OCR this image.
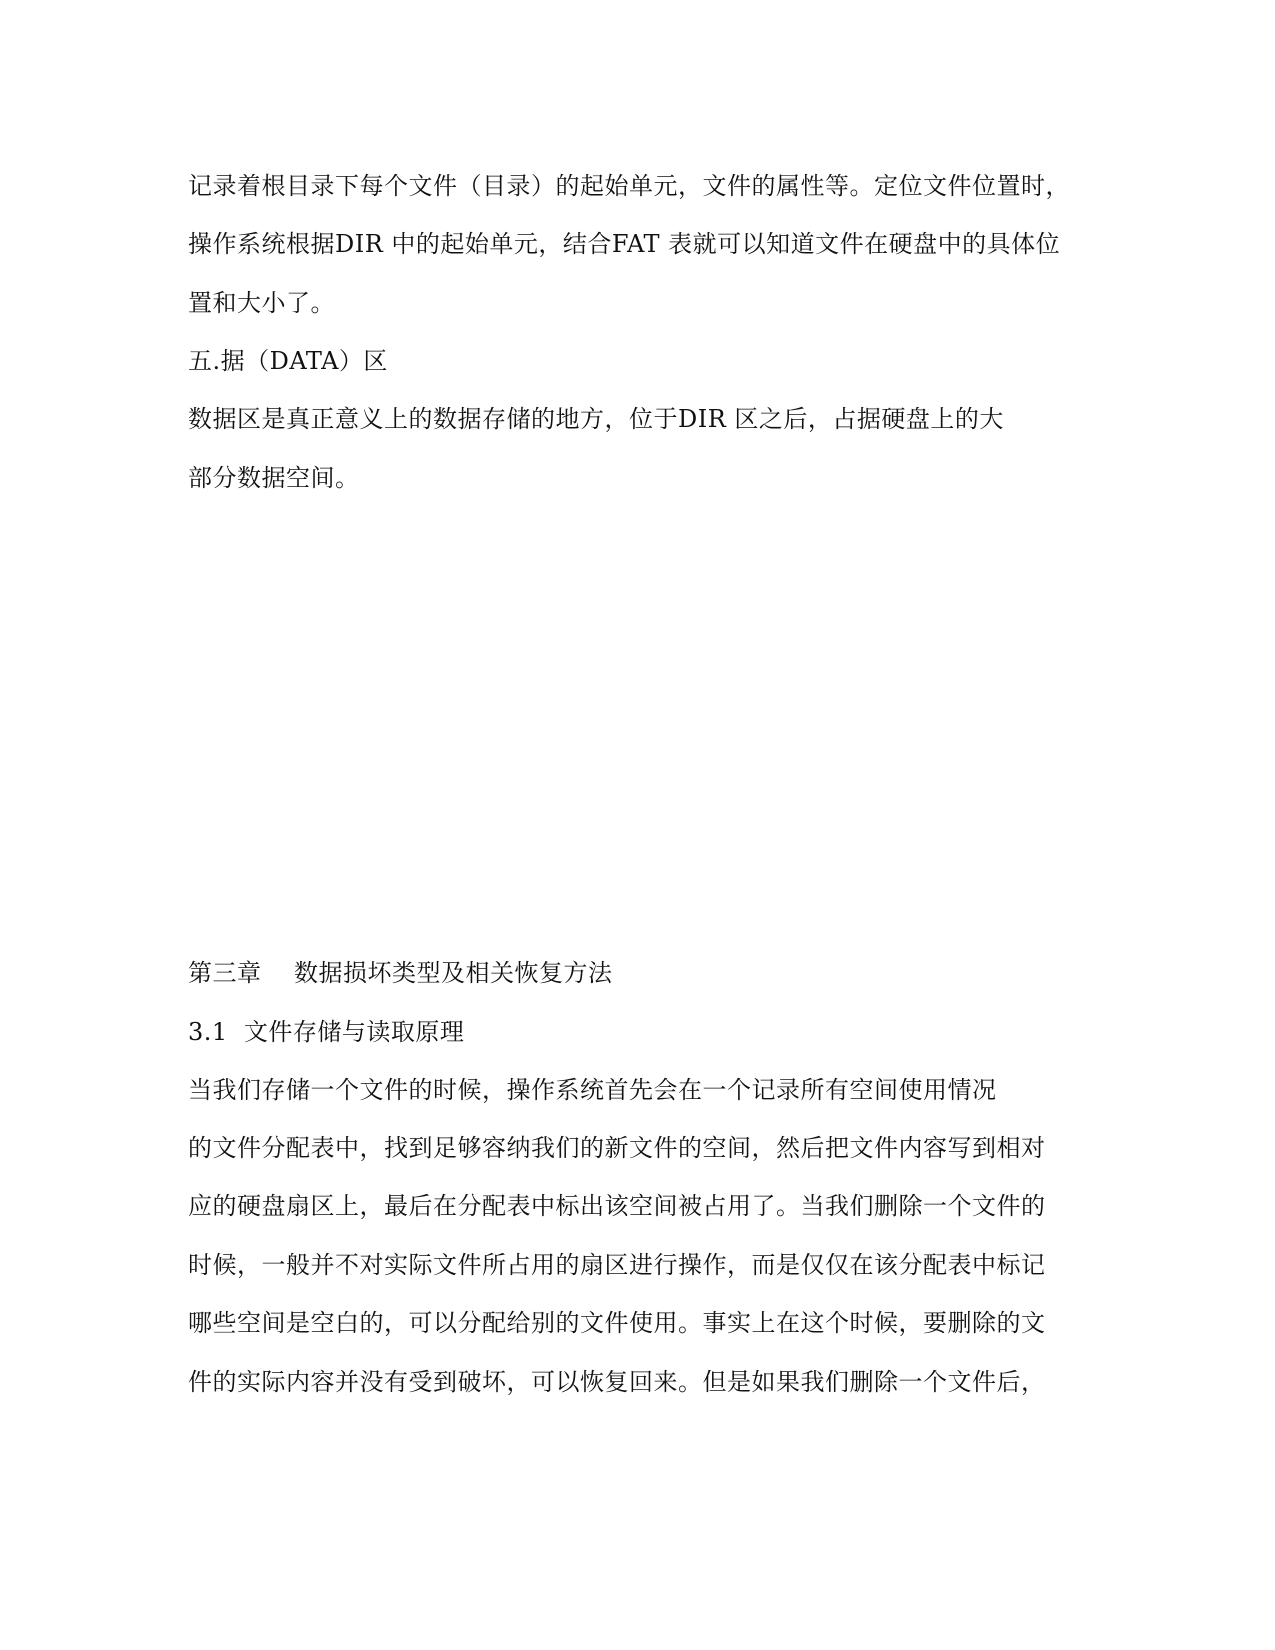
记录着根目录下每个文件（目录）的起始单元，文件的属性等。定位文件位置时，

操作系统根据DIR 中的起始单元，结合FAT 表就可以知道文件在硬盘中的具体位

置和大小了。

五.据（DATA）区

数据区是真正意义上的数据存储的地方，位于DIR 区之后，占据硬盘上的大

部分数据空间。

第三章    数据损坏类型及相关恢复方法

3.1  文件存储与读取原理

当我们存储一个文件的时候，操作系统首先会在一个记录所有空间使用情况

的文件分配表中，找到足够容纳我们的新文件的空间，然后把文件内容写到相对

应的硬盘扇区上，最后在分配表中标出该空间被占用了。当我们删除一个文件的

时候，一般并不对实际文件所占用的扇区进行操作，而是仅仅在该分配表中标记

哪些空间是空白的，可以分配给别的文件使用。事实上在这个时候，要删除的文

件的实际内容并没有受到破坏，可以恢复回来。但是如果我们删除一个文件后，
